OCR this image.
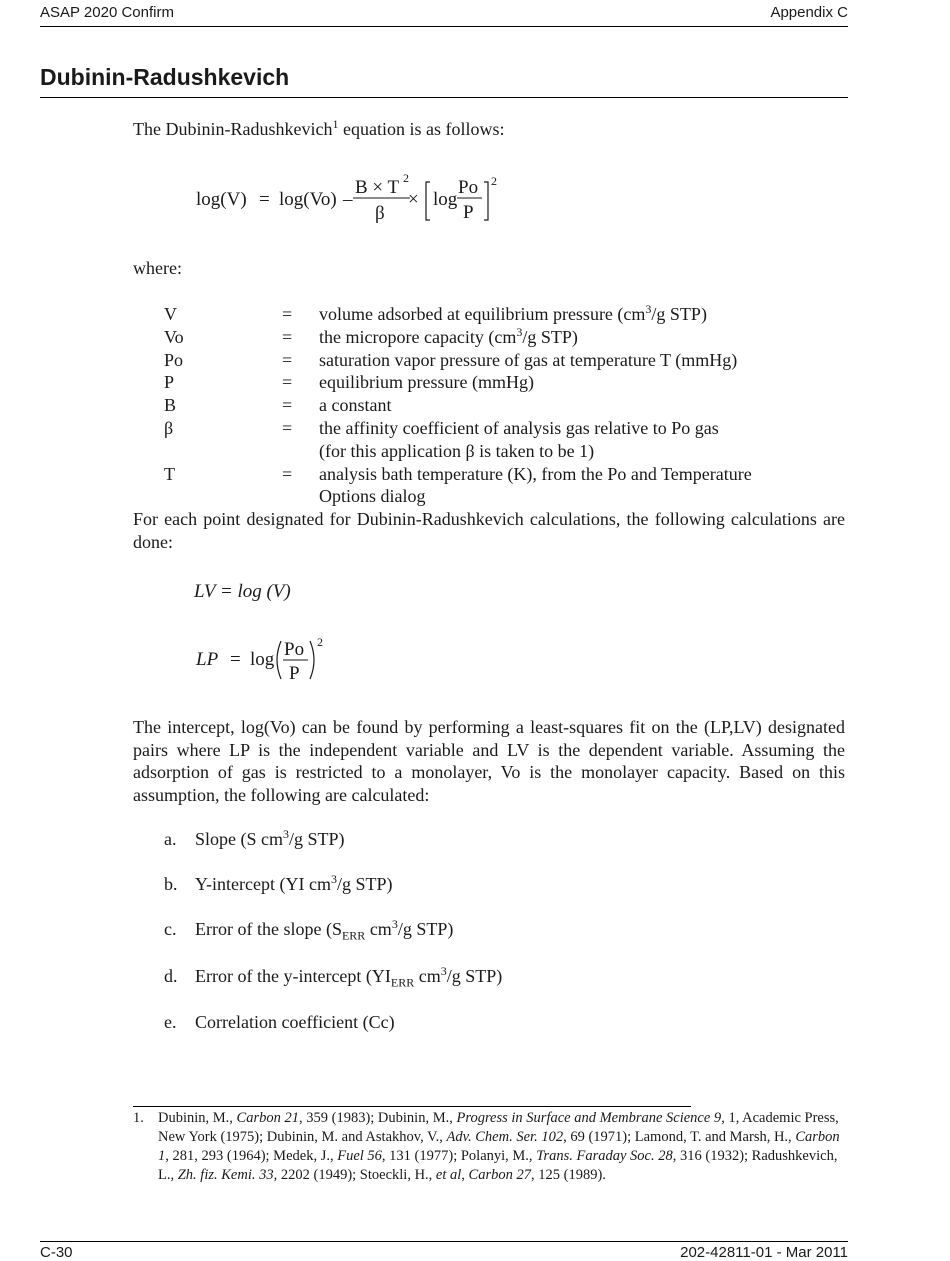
ASAP 2020 Confirm	Appendix C
Dubinin-Radushkevich
The Dubinin-Radushkevich$^1$ equation is as follows:
log(V) = log(Vo) –
B × T 2
β
× log
Po
P
2
where:
V	=	volume adsorbed at equilibrium pressure ($cm^3/g$ STP)
Vo	=	the micropore capacity ($cm^3/g$ STP)
Po	=	saturation vapor pressure of gas at temperature T (mmHg)
P	=	equilibrium pressure (mmHg)
B	=	a constant
β	=	the affinity coefficient of analysis gas relative to Po gas
(for this application β is taken to be 1)
T	=	analysis bath temperature (K), from the Po and Temperature
Options dialog
For each point designated for Dubinin-Radushkevich calculations, the following calculations are done:
LV = log (V)
LP = log Po
P
2
The intercept, log(Vo) can be found by performing a least-squares fit on the (LP,LV) designated pairs where LP is the independent variable and LV is the dependent variable. Assuming the adsorption of gas is restricted to a monolayer, Vo is the monolayer capacity. Based on this assumption, the following are calculated:
a. Slope (S $cm^3/g$ STP)
b. Y-intercept (YI $cm^3/g$ STP)
c. Error of the slope ($S_{ERR}$ $cm^3/g$ STP)
d. Error of the y-intercept ($YI_{ERR}$ $cm^3/g$ STP)
e. Correlation coefficient (Cc)
1. Dubinin, M., Carbon 21, 359 (1983); Dubinin, M., Progress in Surface and Membrane Science 9, 1, Academic Press, New York (1975); Dubinin, M. and Astakhov, V., Adv. Chem. Ser. 102, 69 (1971); Lamond, T. and Marsh, H., Carbon 1, 281, 293 (1964); Medek, J., Fuel 56, 131 (1977); Polanyi, M., Trans. Faraday Soc. 28, 316 (1932); Radushkevich, L., Zh. fiz. Kemi. 33, 2202 (1949); Stoeckli, H., et al, Carbon 27, 125 (1989).
C-30	202-42811-01 - Mar 2011
